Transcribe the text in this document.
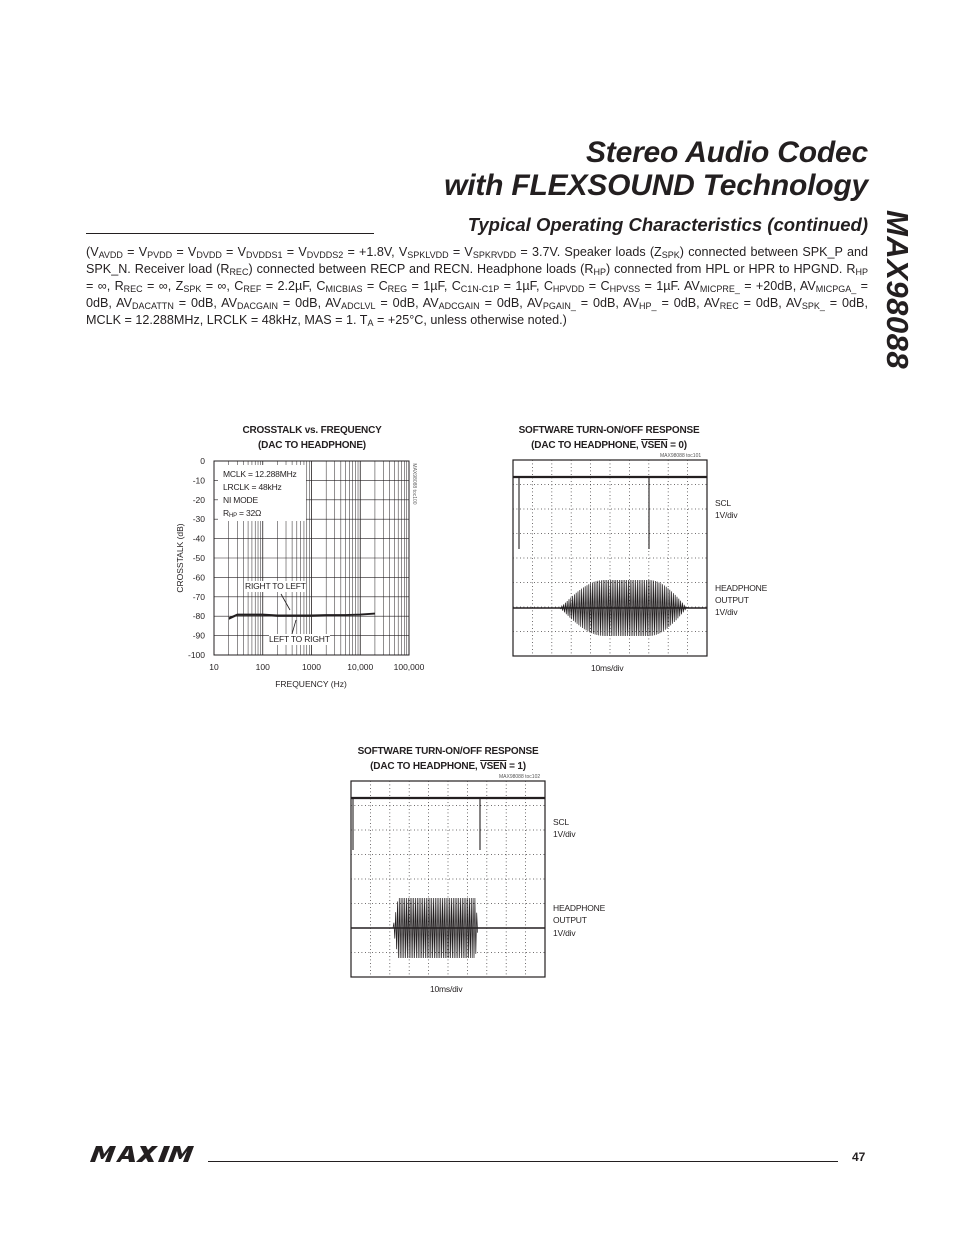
Stereo Audio Codec
with FLEXSOUND Technology
MAX98088
Typical Operating Characteristics (continued)
($V_{AVDD} = V_{PVDD} = V_{DVDD} = V_{DVDDS1} = V_{DVDDS2} = +1.8V$, $V_{SPKLVDD} = V_{SPKRVDD} = 3.7V$. Speaker loads $(Z_{SPK})$ connected between SPK_P and SPK_N. Receiver load $(R_{REC})$ connected between RECP and RECN. Headphone loads $(R_{HP})$ connected from HPL or HPR to HPGND. $R_{HP}$ = ∞, $R_{REC}$ = ∞, $Z_{SPK}$ = ∞, $C_{REF} = 2.2\mu F$, $C_{MICBIAS} = C_{REG} = 1\mu F$, $C_{C1N-C1P} = 1\mu F$, $C_{HPVDD} = C_{HPVSS} = 1\mu F$. $AV_{MICPRE\_} = +20dB$, $AV_{MICPGA\_} = 0dB$, $AV_{DACATTN} = 0dB$, $AV_{DACGAIN} = 0dB$, $AV_{ADCLVL} = 0dB$, $AV_{ADCGAIN} = 0dB$, $AV_{PGAIN\_} = 0dB$, $AV_{HP\_} = 0dB$, $AV_{REC} = 0dB$, $AV_{SPK\_} = 0dB$, MCLK = 12.288MHz, LRCLK = 48kHz, MAS = 1. $T_A = +25^\circ C$, unless otherwise noted.)
CROSSTALK vs. FREQUENCY
(DAC TO HEADPHONE)
0
-10
-20
-30
-40
-50
-60
-70
-80
-90
-100
10	100	1000	10,000 100,000
CROSSTALK (dB)
FREQUENCY (Hz)
MAX98088 toc100
MCLK = 12.288MHz
LRCLK = 48kHz
NI MODE
$R_{HP} = 32\Omega$
RIGHT TO LEFT
LEFT TO RIGHT
SOFTWARE TURN-ON/OFF RESPONSE
(DAC TO HEADPHONE, VSEN = 0)
MAX98088 toc101
SCL
1V/div
HEADPHONE
OUTPUT
1V/div
10ms/div
SOFTWARE TURN-ON/OFF RESPONSE
(DAC TO HEADPHONE, VSEN = 1)
MAX98088 toc102
SCL
1V/div
HEADPHONE
OUTPUT
1V/div
10ms/div
47
